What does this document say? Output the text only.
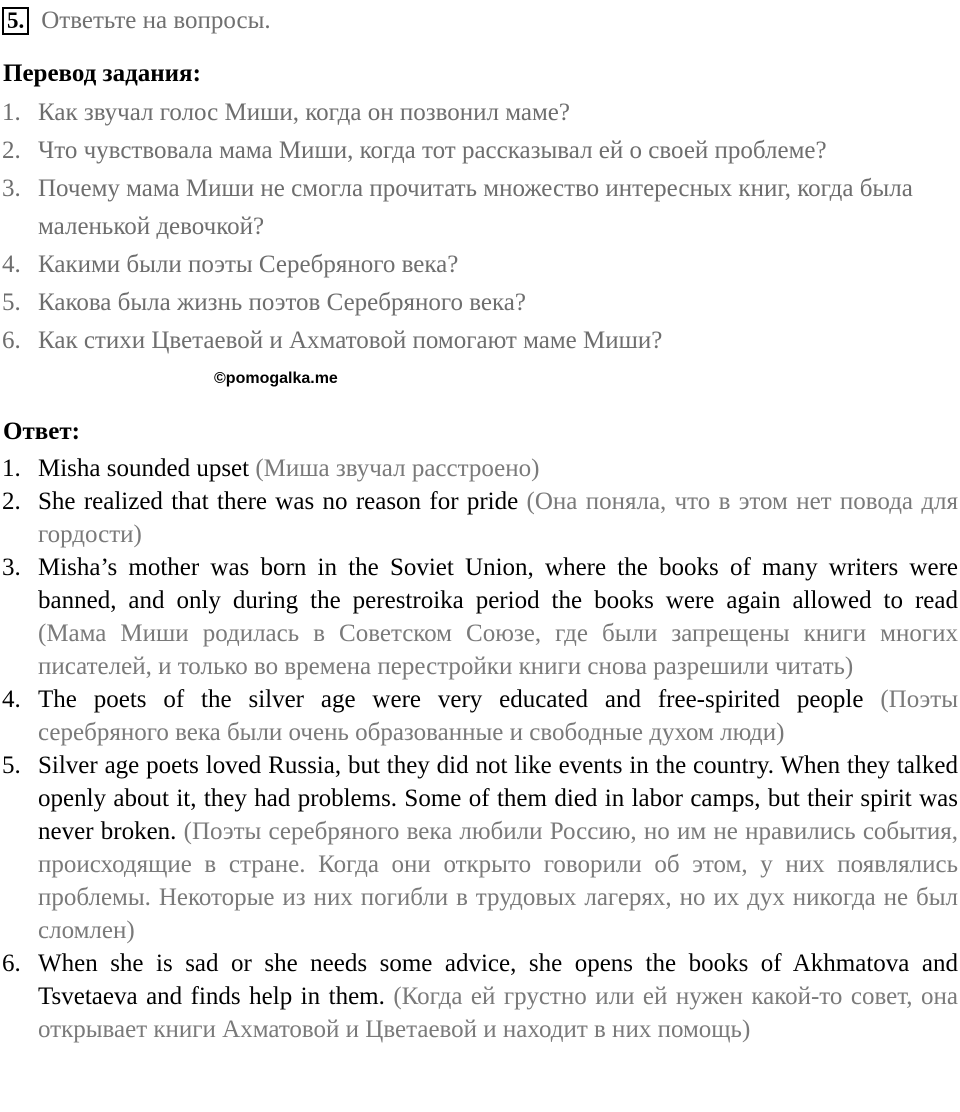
5. Ответьте на вопросы.
Перевод задания:
1. Как звучал голос Миши, когда он позвонил маме?
2. Что чувствовала мама Миши, когда тот рассказывал ей о своей проблеме?
3. Почему мама Миши не смогла прочитать множество интересных книг, когда была маленькой девочкой?
4. Какими были поэты Серебряного века?
5. Какова была жизнь поэтов Серебряного века?
6. Как стихи Цветаевой и Ахматовой помогают маме Миши?
©pomogalka.me
Ответ:
1. Misha sounded upset (Миша звучал расстроено)
2. She realized that there was no reason for pride (Она поняла, что в этом нет повода для гордости)
3. Misha’s mother was born in the Soviet Union, where the books of many writers were banned, and only during the perestroika period the books were again allowed to read (Мама Миши родилась в Советском Союзе, где были запрещены книги многих писателей, и только во времена перестройки книги снова разрешили читать)
4. The poets of the silver age were very educated and free-spirited people (Поэты серебряного века были очень образованные и свободные духом люди)
5. Silver age poets loved Russia, but they did not like events in the country. When they talked openly about it, they had problems. Some of them died in labor camps, but their spirit was never broken. (Поэты серебряного века любили Россию, но им не нравились события, происходящие в стране. Когда они открыто говорили об этом, у них появлялись проблемы. Некоторые из них погибли в трудовых лагерях, но их дух никогда не был сломлен)
6. When she is sad or she needs some advice, she opens the books of Akhmatova and Tsvetaeva and finds help in them. (Когда ей грустно или ей нужен какой-то совет, она открывает книги Ахматовой и Цветаевой и находит в них помощь)
